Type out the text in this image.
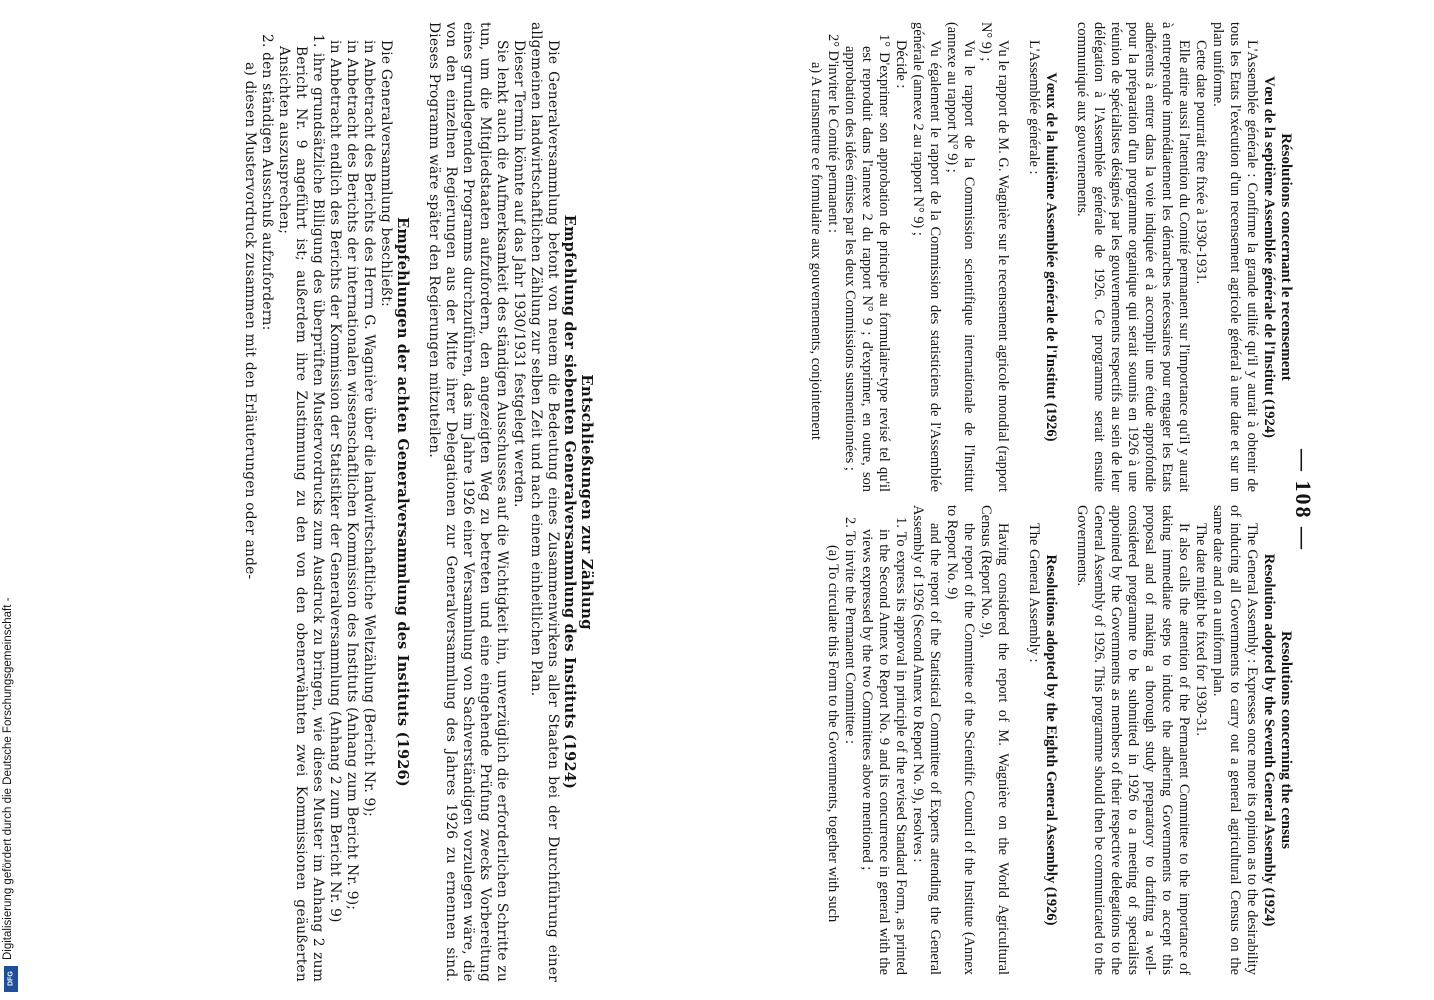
— 108 —

Résolutions concernant le recensement

Vœu de la septième Assemblée générale de l'Institut (1924)

L'Assemblée générale : Confirme la grande utilité qu'il y aurait à obtenir de tous les Etats l'exécution d'un recensement agricole général à une date et sur un plan uniforme.

Cette date pourrait être fixée à 1930-1931.

Elle attire aussi l'attention du Comité permanent sur l'importance qu'il y aurait à entreprendre immédiatement les démarches nécessaires pour engager les Etats adhérents à entrer dans la voie indiquée et à accomplir une étude approfondie pour la préparation d'un programme organique qui serait soumis en 1926 à une réunion de spécialistes désignés par les gouvernements respectifs au sein de leur délégation à l'Assemblée générale de 1926. Ce programme serait ensuite communiqué aux gouvernements.

Vœux de la huitième Assemblée générale de l'Institut (1926)

L'Assemblée générale :

Vu le rapport de M. G. Wagnière sur le recensement agricole mondial (rapport N° 9) ;

Vu le rapport de la Commission scientifique internationale de l'Institut (annexe au rapport N° 9) ;

Vu également le rapport de la Commission des statisticiens de l'Assemblée générale (annexe 2 au rapport N° 9) ;

Décide :

1° D'exprimer son approbation de principe au formulaire-type revisé tel qu'il est reproduit dans l'annexe 2 du rapport N° 9 ; d'exprimer, en outre, son approbation des idées émises par les deux Commissions susmentionnées ;

2° D'inviter le Comité permanent :

a) A transmettre ce formulaire aux gouvernements, conjointement

Resolutions concerning the census

Resolution adopted by the Seventh General Assembly (1924)

The General Assembly : Expresses once more its opinion as to the desirability of inducing all Governments to carry out a general agricultural Census on the same date and on a uniform plan.

The date might be fixed for 1930-31.

It also calls the attention of the Permanent Committee to the importance of taking immediate steps to induce the adhering Governments to accept this proposal and of making a thorough study preparatory to drafting a well-considered programme to be submitted in 1926 to a meeting of specialists appointed by the Governments as members of their respective delegations to the General Assembly of 1926. This programme should then be communicated to the Governments.

Resolutions adopted by the Eighth General Assembly (1926)

The General Assembly :

Having considered the report of M. Wagnière on the World Agricultural Census (Report No. 9),

the report of the Committee of the Scientific Council of the Institute (Annex to Report No. 9)

and the report of the Statistical Committee of Experts attending the General Assembly of 1926 (Second Annex to Report No. 9), resolves :

1. To express its approval in principle of the revised Standard Form, as printed in the Second Annex to Report No. 9 and its concurrence in general with the views expressed by the two Committees above mentioned ;

2. To invite the Permanent Committee :

(a) To circulate this Form to the Governments, together with such

Entschließungen zur Zählung

Empfehlung der siebenten Generalversammlung des Instituts (1924)

Die Generalversammlung betont von neuem die Bedeutung eines Zusammenwirkens aller Staaten bei der Durchführung einer allgemeinen landwirtschaftlichen Zählung zur selben Zeit und nach einem einheitlichen Plan.

Dieser Termin könnte auf das Jahr 1930/1931 festgelegt werden.

Sie lenkt auch die Aufmerksamkeit des ständigen Ausschusses auf die Wichtigkeit hin, unverzüglich die erforderlichen Schritte zu tun, um die Mitgliedstaaten aufzufordern, den angezeigten Weg zu betreten und eine eingehende Prüfung zwecks Vorbereitung eines grundlegenden Programms durchzuführen, das im Jahre 1926 einer Versammlung von Sachverständigen vorzulegen wäre, die von den einzelnen Regierungen aus der Mitte ihrer Delegationen zur Generalversammlung des Jahres 1926 zu ernennen sind. Dieses Programm wäre später den Regierungen mitzuteilen.

Empfehlungen der achten Generalversammlung des Instituts (1926)

Die Generalversammlung beschließt:

in Anbetracht des Berichts des Herrn G. Wagnière über die landwirtschaftliche Weltzählung (Bericht Nr. 9);

in Anbetracht des Berichts der internationalen wissenschaftlichen Kommission des Instituts (Anhang zum Bericht Nr. 9);

in Anbetracht endlich des Berichts der Kommission der Statistiker der Generalversammlung (Anhang 2 zum Bericht Nr. 9)

1. ihre grundsätzliche Billigung des überprüften Mustervordrucks zum Ausdruck zu bringen, wie dieses Muster im Anhang 2 zum Bericht Nr. 9 angeführt ist; außerdem ihre Zustimmung zu den von den obenerwähnten zwei Kommissionen geäußerten Ansichten auszusprechen;

2. den ständigen Ausschuß aufzufordern:

a) diesen Mustervordruck zusammen mit den Erläuterungen oder ande-

Digitalisierung gefördert durch die Deutsche Forschungsgemeinschaft -
DFG
